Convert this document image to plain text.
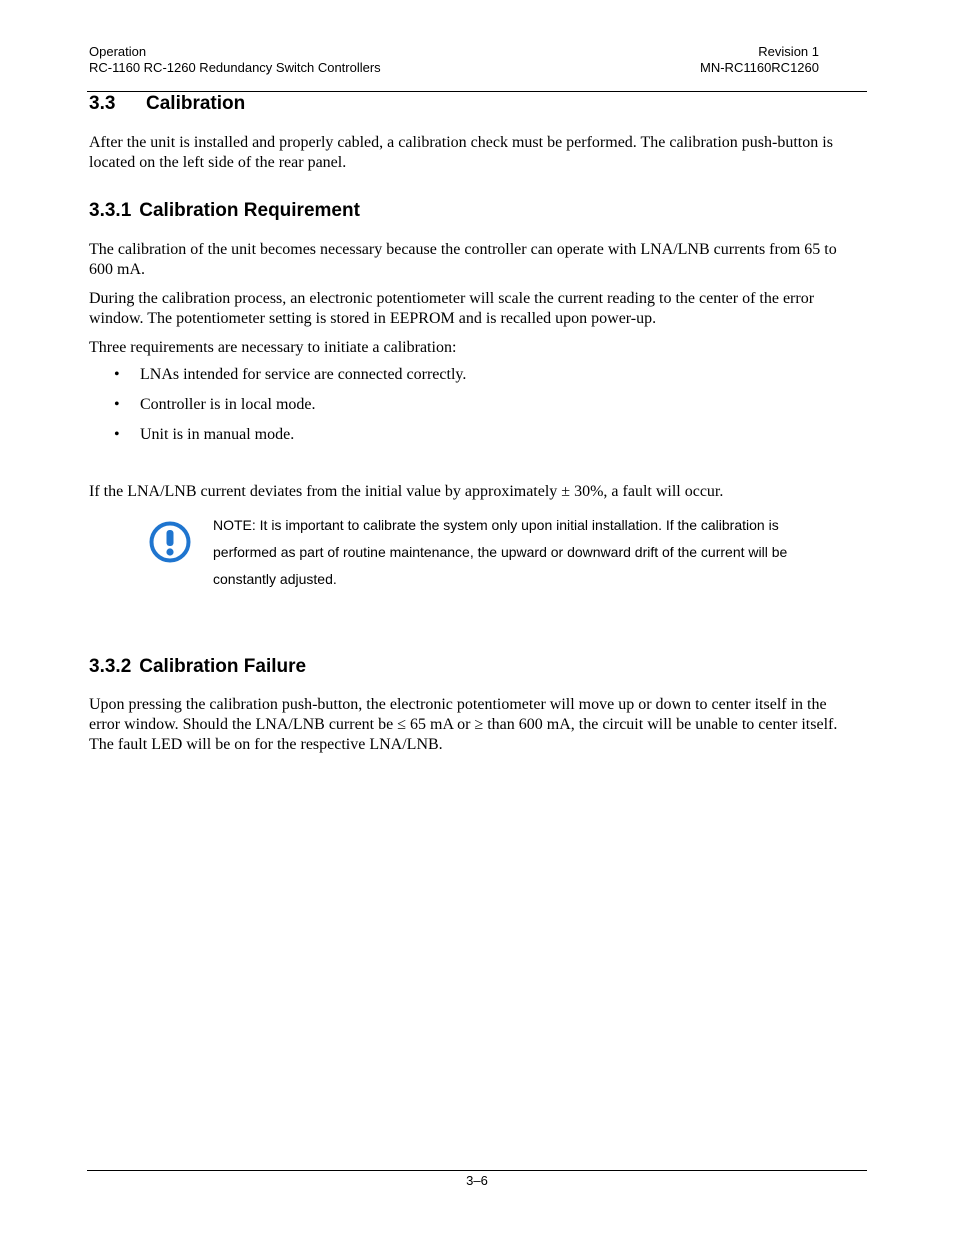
Operation	Revision 1
RC-1160 RC-1260 Redundancy Switch Controllers	MN-RC1160RC1260
3.3 Calibration

After the unit is installed and properly cabled, a calibration check must be performed. The calibration push-button is located on the left side of the rear panel.

3.3.1 Calibration Requirement

The calibration of the unit becomes necessary because the controller can operate with LNA/LNB currents from 65 to 600 mA.

During the calibration process, an electronic potentiometer will scale the current reading to the center of the error window. The potentiometer setting is stored in EEPROM and is recalled upon power-up.

Three requirements are necessary to initiate a calibration:

• LNAs intended for service are connected correctly.
• Controller is in local mode.
• Unit is in manual mode.

If the LNA/LNB current deviates from the initial value by approximately ± 30%, a fault will occur.

NOTE: It is important to calibrate the system only upon initial installation. If the calibration is performed as part of routine maintenance, the upward or downward drift of the current will be constantly adjusted.
3.3.2 Calibration Failure

Upon pressing the calibration push-button, the electronic potentiometer will move up or down to center itself in the error window. Should the LNA/LNB current be ≤ 65 mA or ≥ than 600 mA, the circuit will be unable to center itself. The fault LED will be on for the respective LNA/LNB.

3–6
